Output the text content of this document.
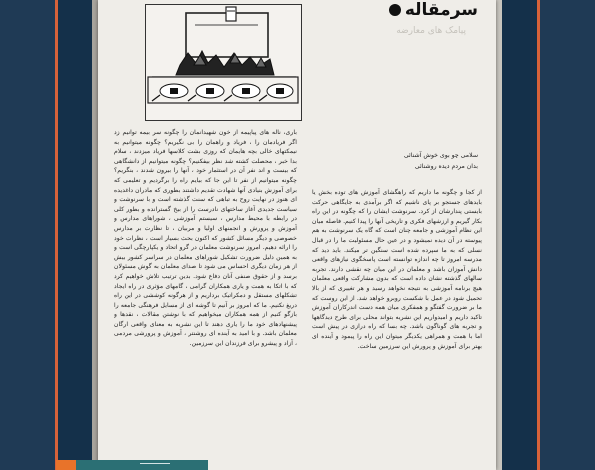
سرمقاله
پیامک‌ های معارضه
سلامی چو بوی خوش آشنائی
بدان مردم دیده روشنائی
از کجا و چگونه ما داریم که راهگشای آموزش های توده بخش یا بایدهای جستجو بر پای ناشیم که اگر برآمدی به جایگاهی حرکت بایستی پندارشان از کرد. سرنوشت ایشان را که چگونه در این راه بکار گیریم و ارزشهای فکری و تاریخی آنها را پیدا کنیم. فاصله میان این نظام آموزشی و جامعه چنان است که گاه یک سرنوشت به هم پیوسته در آن دیده نمیشود و در عین حال مسئولیت ما را در قبال نسلی که به ما سپرده شده است سنگین تر میکند. باید دید که مدرسه امروز تا چه اندازه توانسته است پاسخگوی نیازهای واقعی دانش آموزان باشد و معلمان در این میان چه نقشی دارند. تجربه سالهای گذشته نشان داده است که بدون مشارکت واقعی معلمان هیچ برنامه آموزشی به نتیجه نخواهد رسید و هر تغییری که از بالا تحمیل شود در عمل با شکست روبرو خواهد شد. از این روست که ما بر ضرورت گفتگو و همفکری میان همه دست اندرکاران آموزش تاکید داریم و امیدواریم این نشریه بتواند محلی برای طرح دیدگاهها و تجربه های گوناگون باشد. چه بسا که راه درازی در پیش است اما با همت و همراهی یکدیگر میتوان این راه را پیمود و آینده ای بهتر برای آموزش و پرورش این سرزمین ساخت.
باری، ناله های پیاپیمه از خون شهیدانمان را چگونه سر بیمه توانیم زد اگر فریادمان را ، فریاد و راهمان را بی نگیریم؟ چگونه میتوانیم به نیمکتهای خالی بچه هایمان که روزی بشت کلاسها فریاد میزدند ، سلام بدا خبر ، محصلت کشته شد نظر بیفکنیم؟ چگونه میتوانیم از دانشگاهی که بیست و اند نفر آن در استثمار خود ، آنها را بیرون شدند ، بنگریم؟ چگونه میتوانیم از نفر تا این جا که بیایم راه را برگردیم و تعلیمی که برای آموزش بنیادی آنها شهادت تقدیم داشتند بطوری که مادران داغدیده ای هنوز در نهایت روح به تباهی که سنت گذشته است و با سرنوشت و سیاست جدیدی آغاز ساختهای نادرست را از بیخ گسترانده و بطور کلی در رابطه با محیط مدارس ، سیستم آموزشی ، شوراهای مدارس و آموزش و پرورش و انجمنهای اولیا و مربیان ، تا نظارت بر مدارس خصوصی و دیگر مسائل کشور که اکنون بحث بسیار است ، نظرات خود را ارائه دهیم. امروز سرنوشت معلمان در گرو اتحاد و یکپارچگی است و به همین دلیل ضرورت تشکیل شوراهای معلمان در سراسر کشور بیش از هر زمان دیگری احساس می شود تا صدای معلمان به گوش مسئولان برسد و از حقوق صنفی آنان دفاع شود. بدین ترتیب تلاش خواهیم کرد که با اتکا به همت و یاری همکاران گرامی ، گامهای مؤثری در راه ایجاد تشکلهای مستقل و دمکراتیک برداریم و از هرگونه کوششی در این راه دریغ نکنیم. ما که امروز بر آنیم تا گوشه ای از مسایل فرهنگی جامعه را بازگو کنیم از همه همکاران میخواهیم که با نوشتن مقالات ، نقدها و پیشنهادهای خود ما را یاری دهند تا این نشریه به معنای واقعی ارگان معلمان باشد. و با امید به آینده ای روشنتر ، آموزش و پرورشی مردمی ، آزاد و پیشرو برای فرزندان این سرزمین.
